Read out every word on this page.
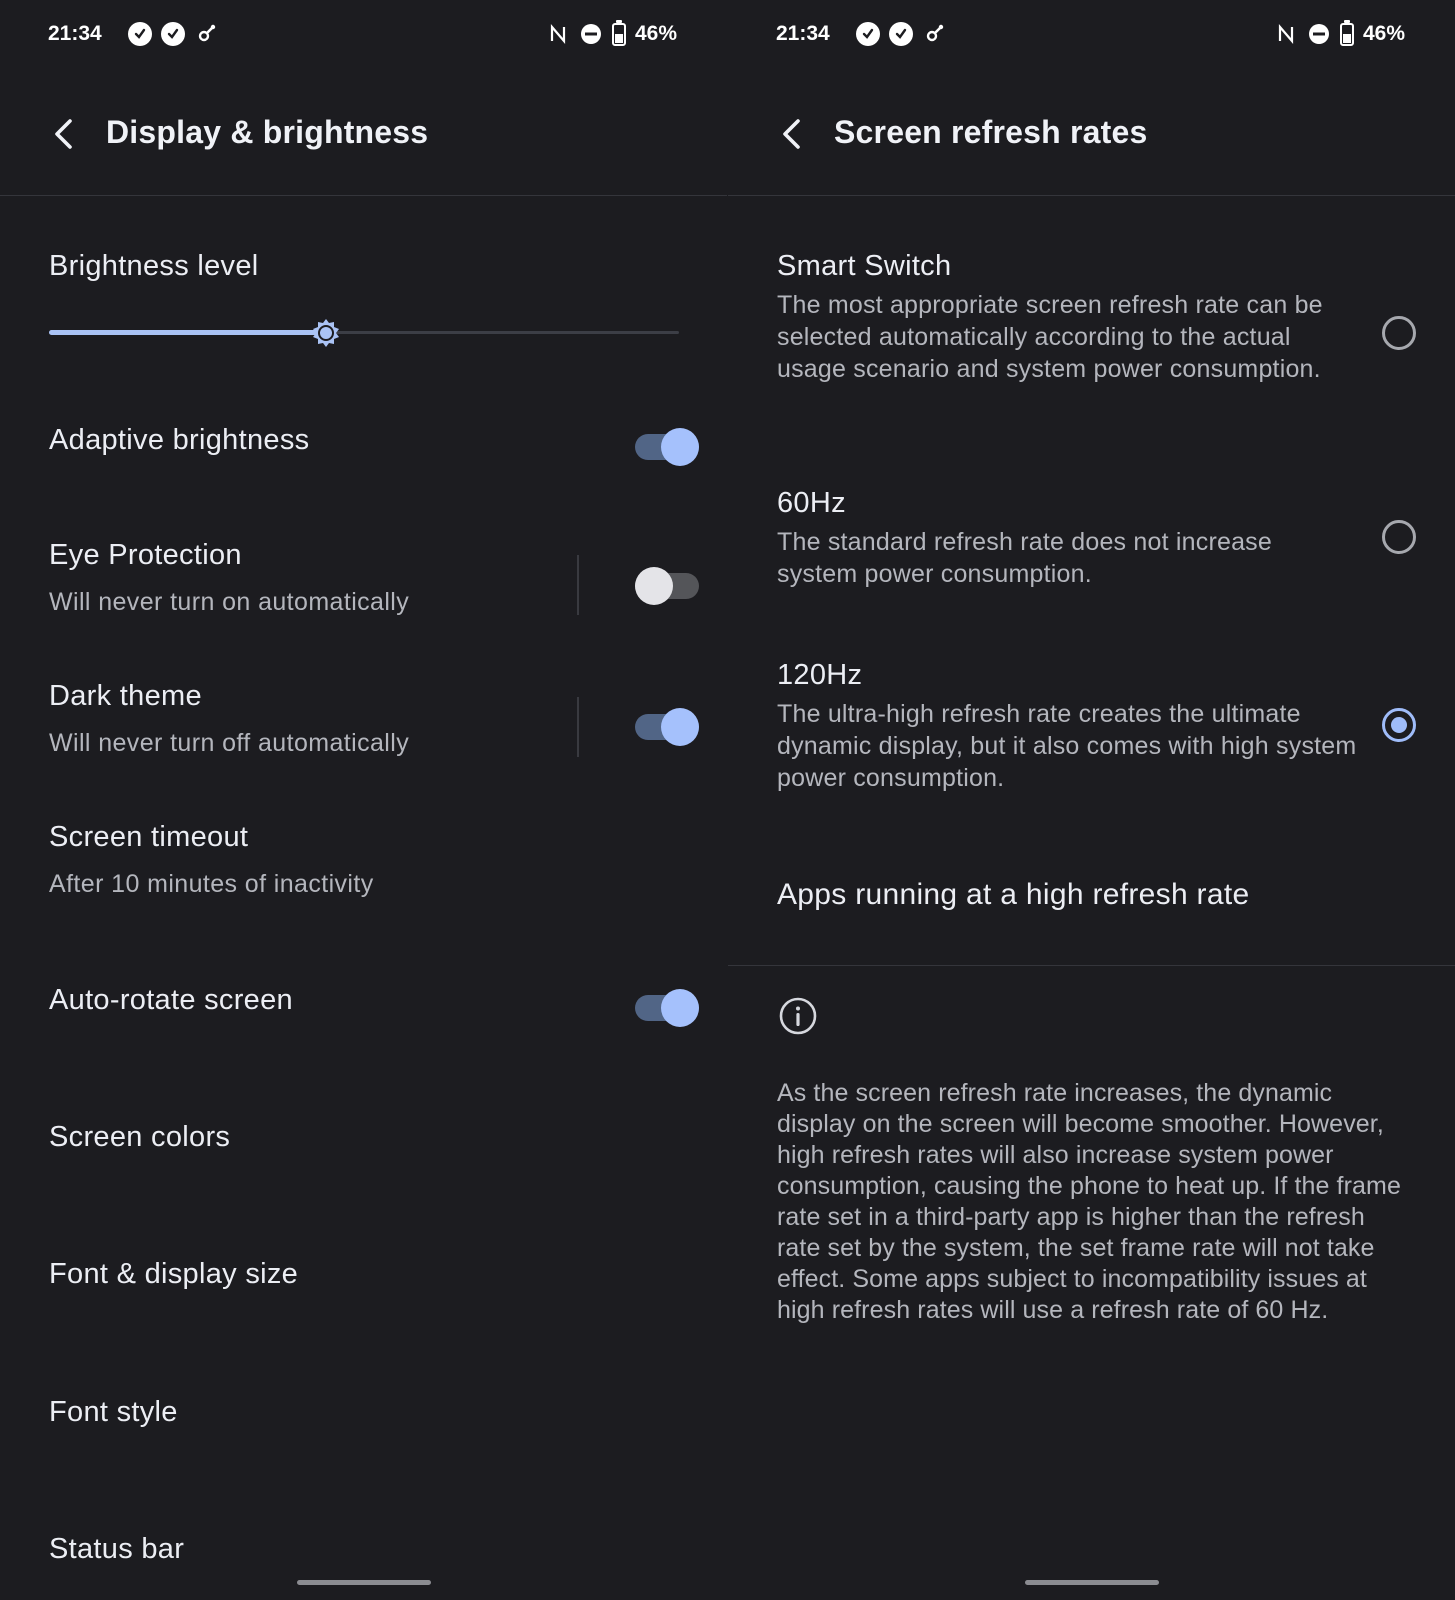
21:34	46%
Display & brightness
Brightness level
Adaptive brightness
Eye Protection
Will never turn on automatically
Dark theme
Will never turn off automatically
Screen timeout
After 10 minutes of inactivity
Auto-rotate screen
Screen colors
Font & display size
Font style
Status bar
21:34	46%
Screen refresh rates
Smart Switch
The most appropriate screen refresh rate can be selected automatically according to the actual usage scenario and system power consumption.
60Hz
The standard refresh rate does not increase system power consumption.
120Hz
The ultra-high refresh rate creates the ultimate dynamic display, but it also comes with high system power consumption.
Apps running at a high refresh rate
As the screen refresh rate increases, the dynamic display on the screen will become smoother. However, high refresh rates will also increase system power consumption, causing the phone to heat up. If the frame rate set in a third-party app is higher than the refresh rate set by the system, the set frame rate will not take effect. Some apps subject to incompatibility issues at high refresh rates will use a refresh rate of 60 Hz.
